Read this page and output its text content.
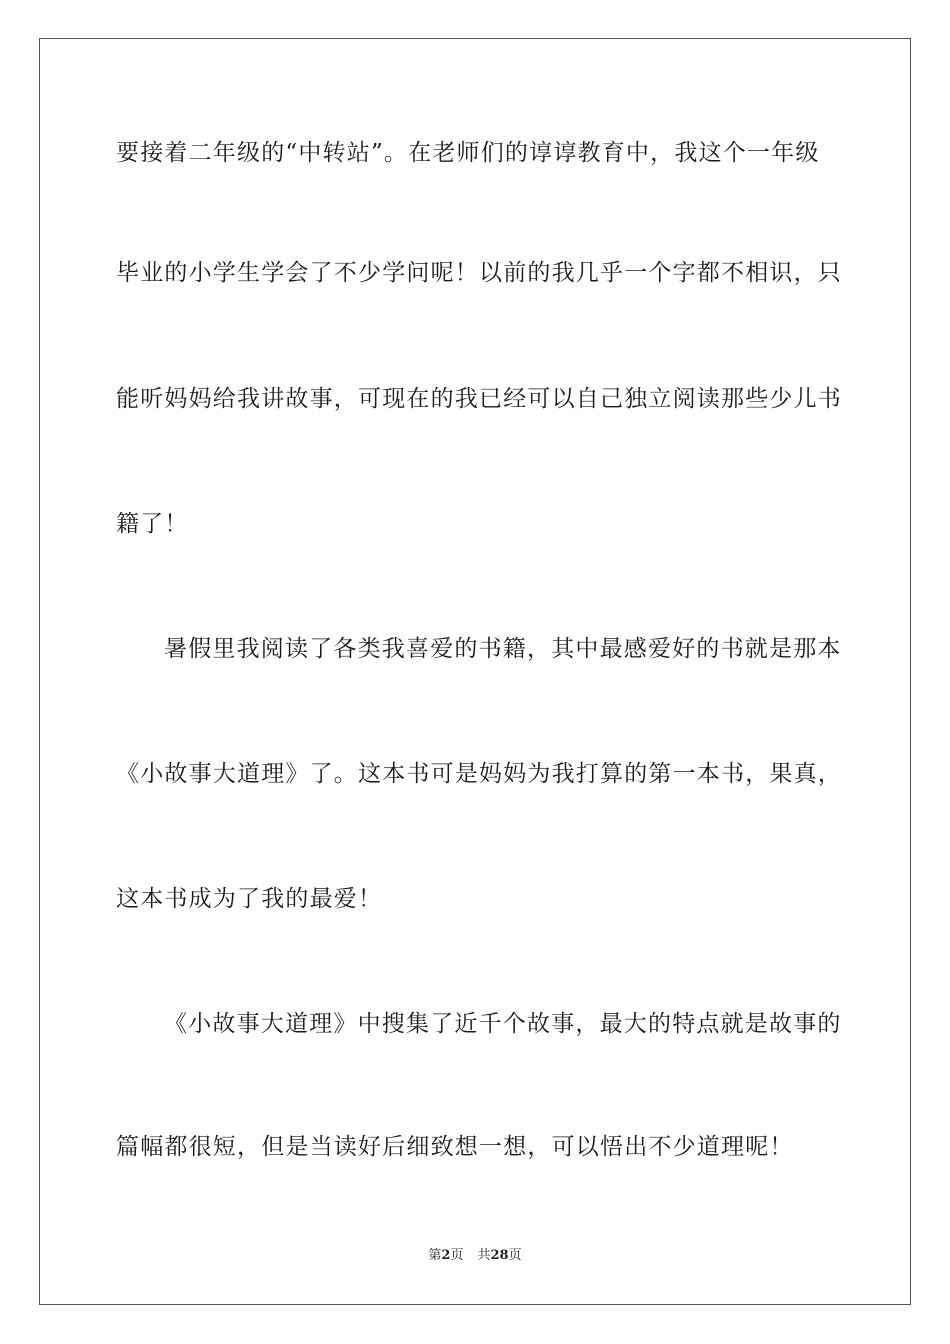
要接着二年级的“中转站”。在老师们的谆谆教育中，我这个一年级
毕业的小学生学会了不少学问呢！以前的我几乎一个字都不相识，只
能听妈妈给我讲故事，可现在的我已经可以自己独立阅读那些少儿书
籍了！
暑假里我阅读了各类我喜爱的书籍，其中最感爱好的书就是那本
《小故事大道理》了。这本书可是妈妈为我打算的第一本书，果真，
这本书成为了我的最爱！
《小故事大道理》中搜集了近千个故事，最大的特点就是故事的
篇幅都很短，但是当读好后细致想一想，可以悟出不少道理呢！
第2页 共28页
